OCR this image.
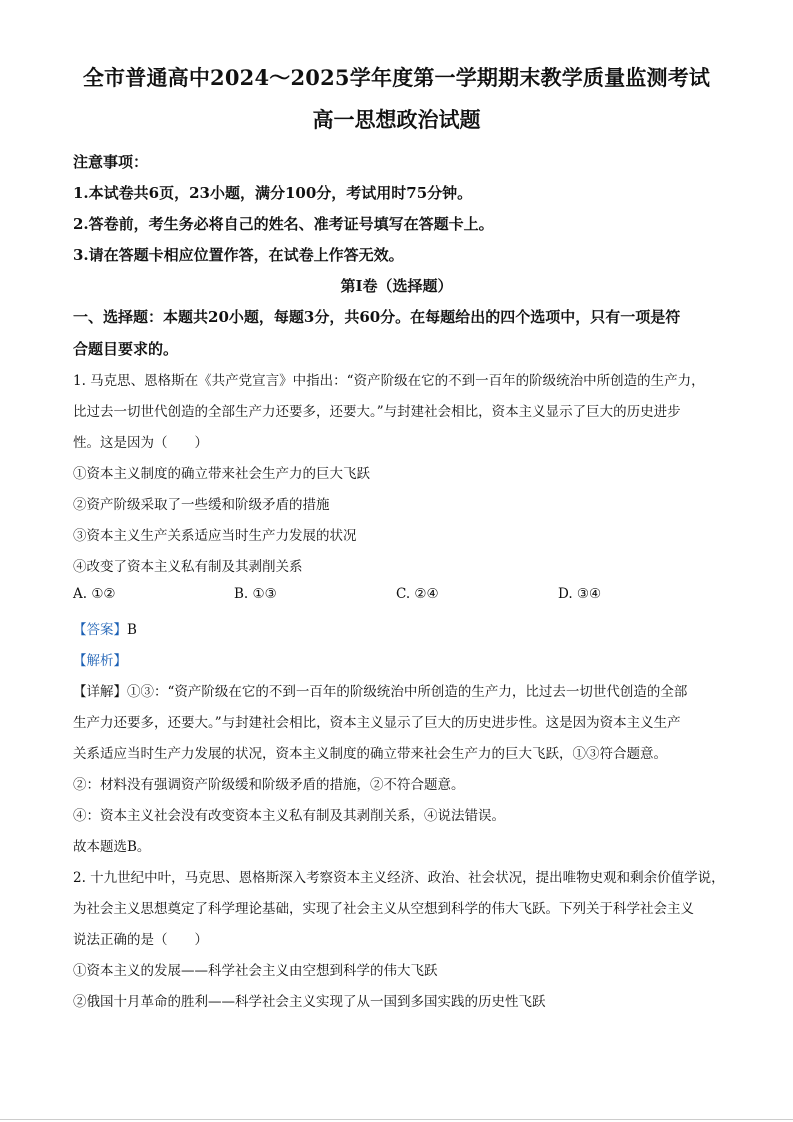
全市普通高中2024～2025学年度第一学期期末教学质量监测考试
高一思想政治试题
注意事项：
1.本试卷共6页，23小题，满分100分，考试用时75分钟。
2.答卷前，考生务必将自己的姓名、准考证号填写在答题卡上。
3.请在答题卡相应位置作答，在试卷上作答无效。
第Ⅰ卷（选择题）
一、选择题：本题共20小题，每题3分，共60分。在每题给出的四个选项中，只有一项是符
合题目要求的。
1. 马克思、恩格斯在《共产党宣言》中指出：“资产阶级在它的不到一百年的阶级统治中所创造的生产力，
比过去一切世代创造的全部生产力还要多，还要大。”与封建社会相比，资本主义显示了巨大的历史进步
性。这是因为（　　）
①资本主义制度的确立带来社会生产力的巨大飞跃
②资产阶级采取了一些缓和阶级矛盾的措施
③资本主义生产关系适应当时生产力发展的状况
④改变了资本主义私有制及其剥削关系
A. ①②	B. ①③	C. ②④	D. ③④
【答案】B
【解析】
【详解】①③：“资产阶级在它的不到一百年的阶级统治中所创造的生产力，比过去一切世代创造的全部
生产力还要多，还要大。”与封建社会相比，资本主义显示了巨大的历史进步性。这是因为资本主义生产
关系适应当时生产力发展的状况，资本主义制度的确立带来社会生产力的巨大飞跃，①③符合题意。
②：材料没有强调资产阶级缓和阶级矛盾的措施，②不符合题意。
④：资本主义社会没有改变资本主义私有制及其剥削关系，④说法错误。
故本题选B。
2. 十九世纪中叶，马克思、恩格斯深入考察资本主义经济、政治、社会状况，提出唯物史观和剩余价值学说，
为社会主义思想奠定了科学理论基础，实现了社会主义从空想到科学的伟大飞跃。下列关于科学社会主义
说法正确的是（　　）
①资本主义的发展——科学社会主义由空想到科学的伟大飞跃
②俄国十月革命的胜利——科学社会主义实现了从一国到多国实践的历史性飞跃
